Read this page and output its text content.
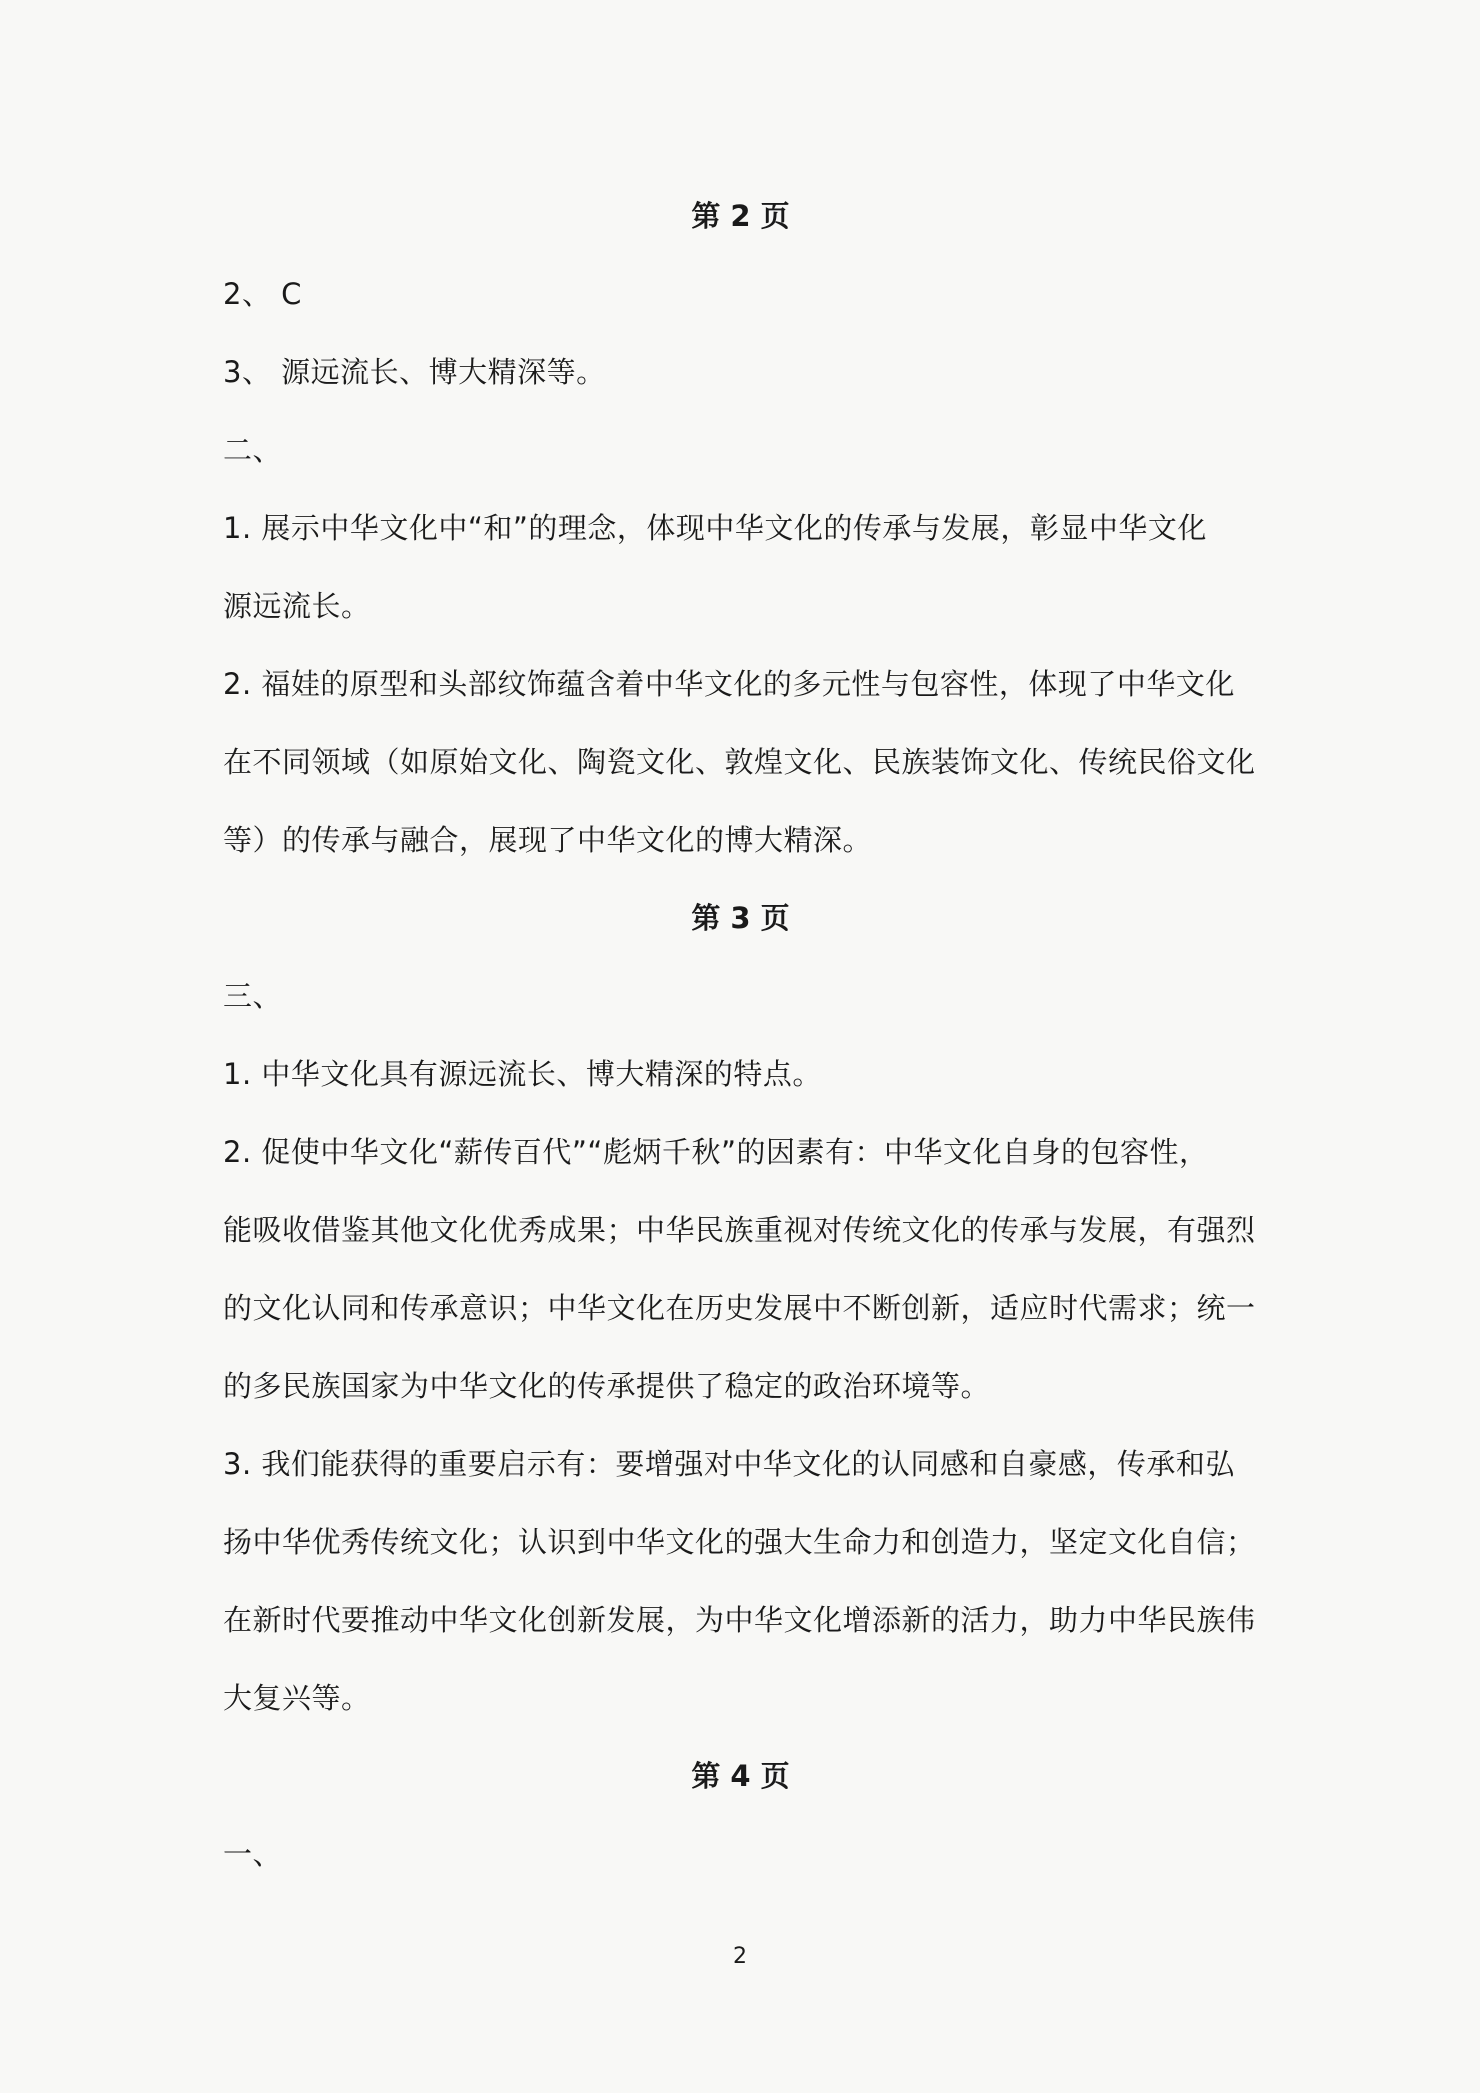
第 2 页
2、 C
3、 源远流长、博大精深等。
二、
1. 展示中华文化中“和”的理念，体现中华文化的传承与发展，彰显中华文化
源远流长。
2. 福娃的原型和头部纹饰蕴含着中华文化的多元性与包容性，体现了中华文化
在不同领域（如原始文化、陶瓷文化、敦煌文化、民族装饰文化、传统民俗文化
等）的传承与融合，展现了中华文化的博大精深。
第 3 页
三、
1. 中华文化具有源远流长、博大精深的特点。
2. 促使中华文化“薪传百代”“彪炳千秋”的因素有：中华文化自身的包容性，
能吸收借鉴其他文化优秀成果；中华民族重视对传统文化的传承与发展，有强烈
的文化认同和传承意识；中华文化在历史发展中不断创新，适应时代需求；统一
的多民族国家为中华文化的传承提供了稳定的政治环境等。
3. 我们能获得的重要启示有：要增强对中华文化的认同感和自豪感，传承和弘
扬中华优秀传统文化；认识到中华文化的强大生命力和创造力，坚定文化自信；
在新时代要推动中华文化创新发展，为中华文化增添新的活力，助力中华民族伟
大复兴等。
第 4 页
一、
2
